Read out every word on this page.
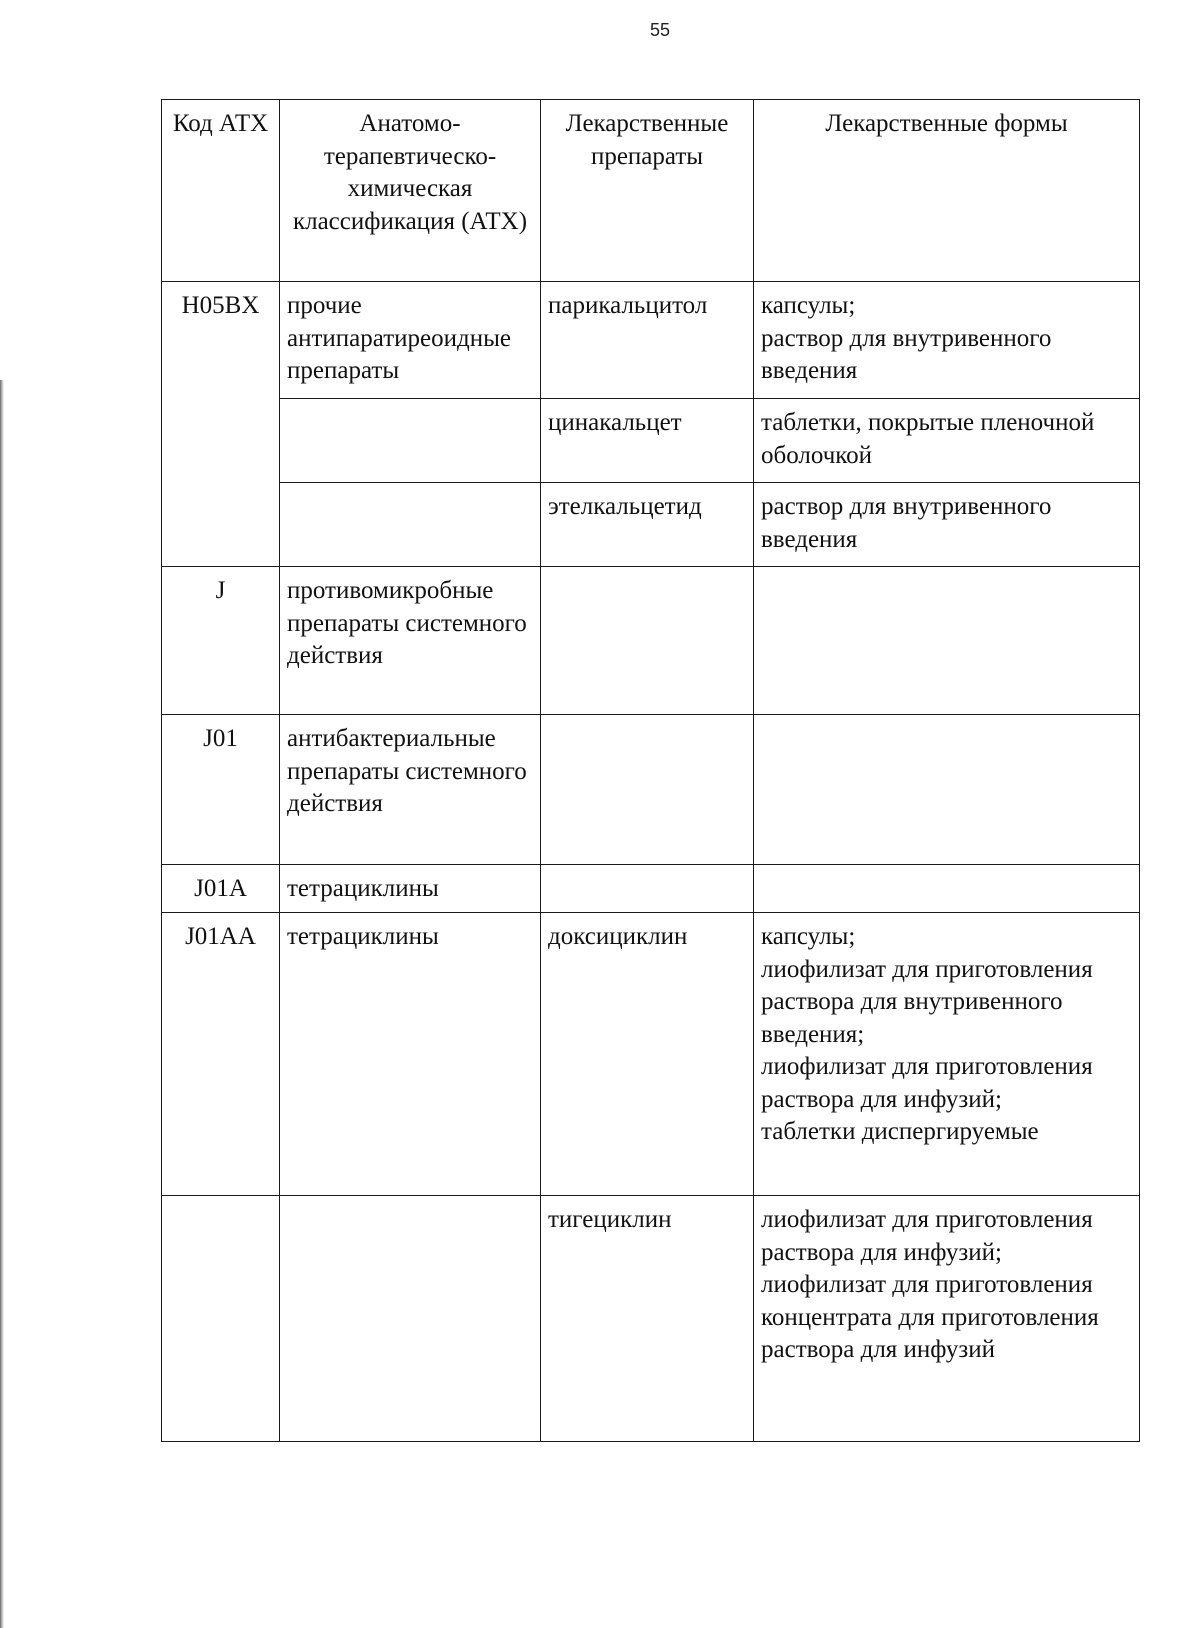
55
Код АТХ	Анатомо-терапевтическо-химическая классификация (АТХ)	Лекарственные препараты	Лекарственные формы
H05BX	прочие антипаратиреоидные препараты	парикальцитол	капсулы;
раствор для внутривенного введения

		цинакальцет	таблетки, покрытые пленочной оболочкой

		этелкальцетид	раствор для внутривенного введения

J	противомикробные препараты системного действия		
J01	антибактериальные препараты системного действия		
J01A	тетрациклины		
J01AA	тетрациклины	доксициклин	капсулы;
лиофилизат для приготовления раствора для внутривенного введения;
лиофилизат для приготовления раствора для инфузий;
таблетки диспергируемые

		тигециклин	лиофилизат для приготовления раствора для инфузий;
лиофилизат для приготовления концентрата для приготовления раствора для инфузий
